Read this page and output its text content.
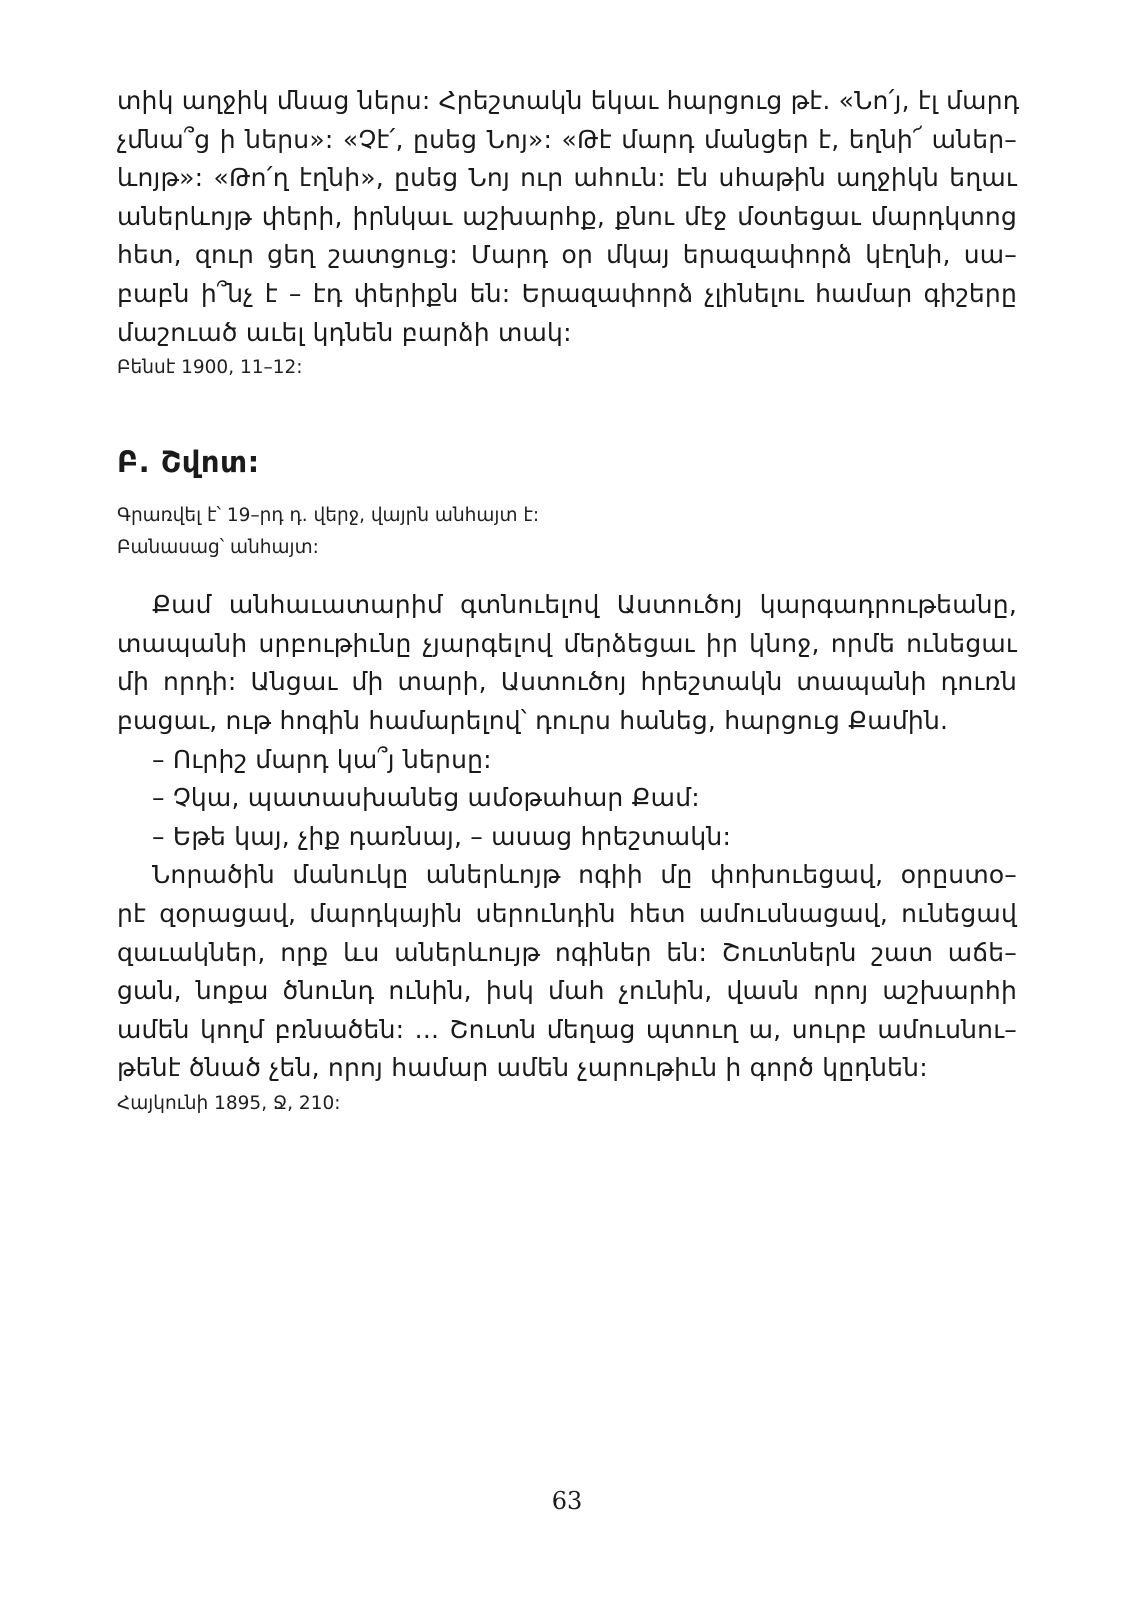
տիկ աղջիկ մնաց ներս: Հրեշտակն եկաւ հարցուց թէ. «Նո՛յ, էլ մարդ
չմնա՞ց ի ներս»: «Չէ՛, ըսեց Նոյ»: «Թէ մարդ մանցեր է, եղնի՜ աներ–
ևոյթ»: «Թո՛ղ էղնի», ըսեց Նոյ ուր ահուն: Էն սհաթին աղջիկն եղաւ
աներևոյթ փերի, իրնկաւ աշխարհք, քնու մէջ մօտեցաւ մարդկտոց
հետ, զուր ցեղ շատցուց: Մարդ օր մկայ երազափորձ կէղնի, սա–
բաբն ի՞նչ է – էդ փերիքն են: Երազափորձ չլինելու համար գիշերը
մաշուած աւել կդնեն բարձի տակ:
Բենսէ 1900, 11–12:
Բ. Շվոտ:
Գրառվել է՝ 19–րդ դ. վերջ, վայրն անհայտ է:
Բանասաց՝ անհայտ:
Քամ անհաւատարիմ գտնուելով Աստուծոյ կարգադրութեանը,
տապանի սրբութիւնը չյարգելով մերձեցաւ իր կնոջ, որմե ունեցաւ
մի որդի: Անցաւ մի տարի, Աստուծոյ հրեշտակն տապանի դուռն
բացաւ, ութ հոգին համարելով՝ դուրս հանեց, հարցուց Քամին.
– Ուրիշ մարդ կա՞յ ներսը:
– Չկա, պատասխանեց ամօթահար Քամ:
– Եթե կայ, չիք դառնայ, – ասաց հրեշտակն:
Նորածին մանուկը աներևոյթ ոգիի մը փոխուեցավ, օրըստօ–
րէ զօրացավ, մարդկային սերունդին հետ ամուսնացավ, ունեցավ
զաւակներ, որք ևս աներևույթ ոգիներ են: Շուտներն շատ աճե–
ցան, նոքա ծնունդ ունին, իսկ մահ չունին, վասն որոյ աշխարհի
ամեն կողմ բռնածեն: ... Շուտն մեղաց պտուղ ա, սուրբ ամուսնու–
թենէ ծնած չեն, որոյ համար ամեն չարութիւն ի գործ կըդնեն:
Հայկունի 1895, Ջ, 210:
63
